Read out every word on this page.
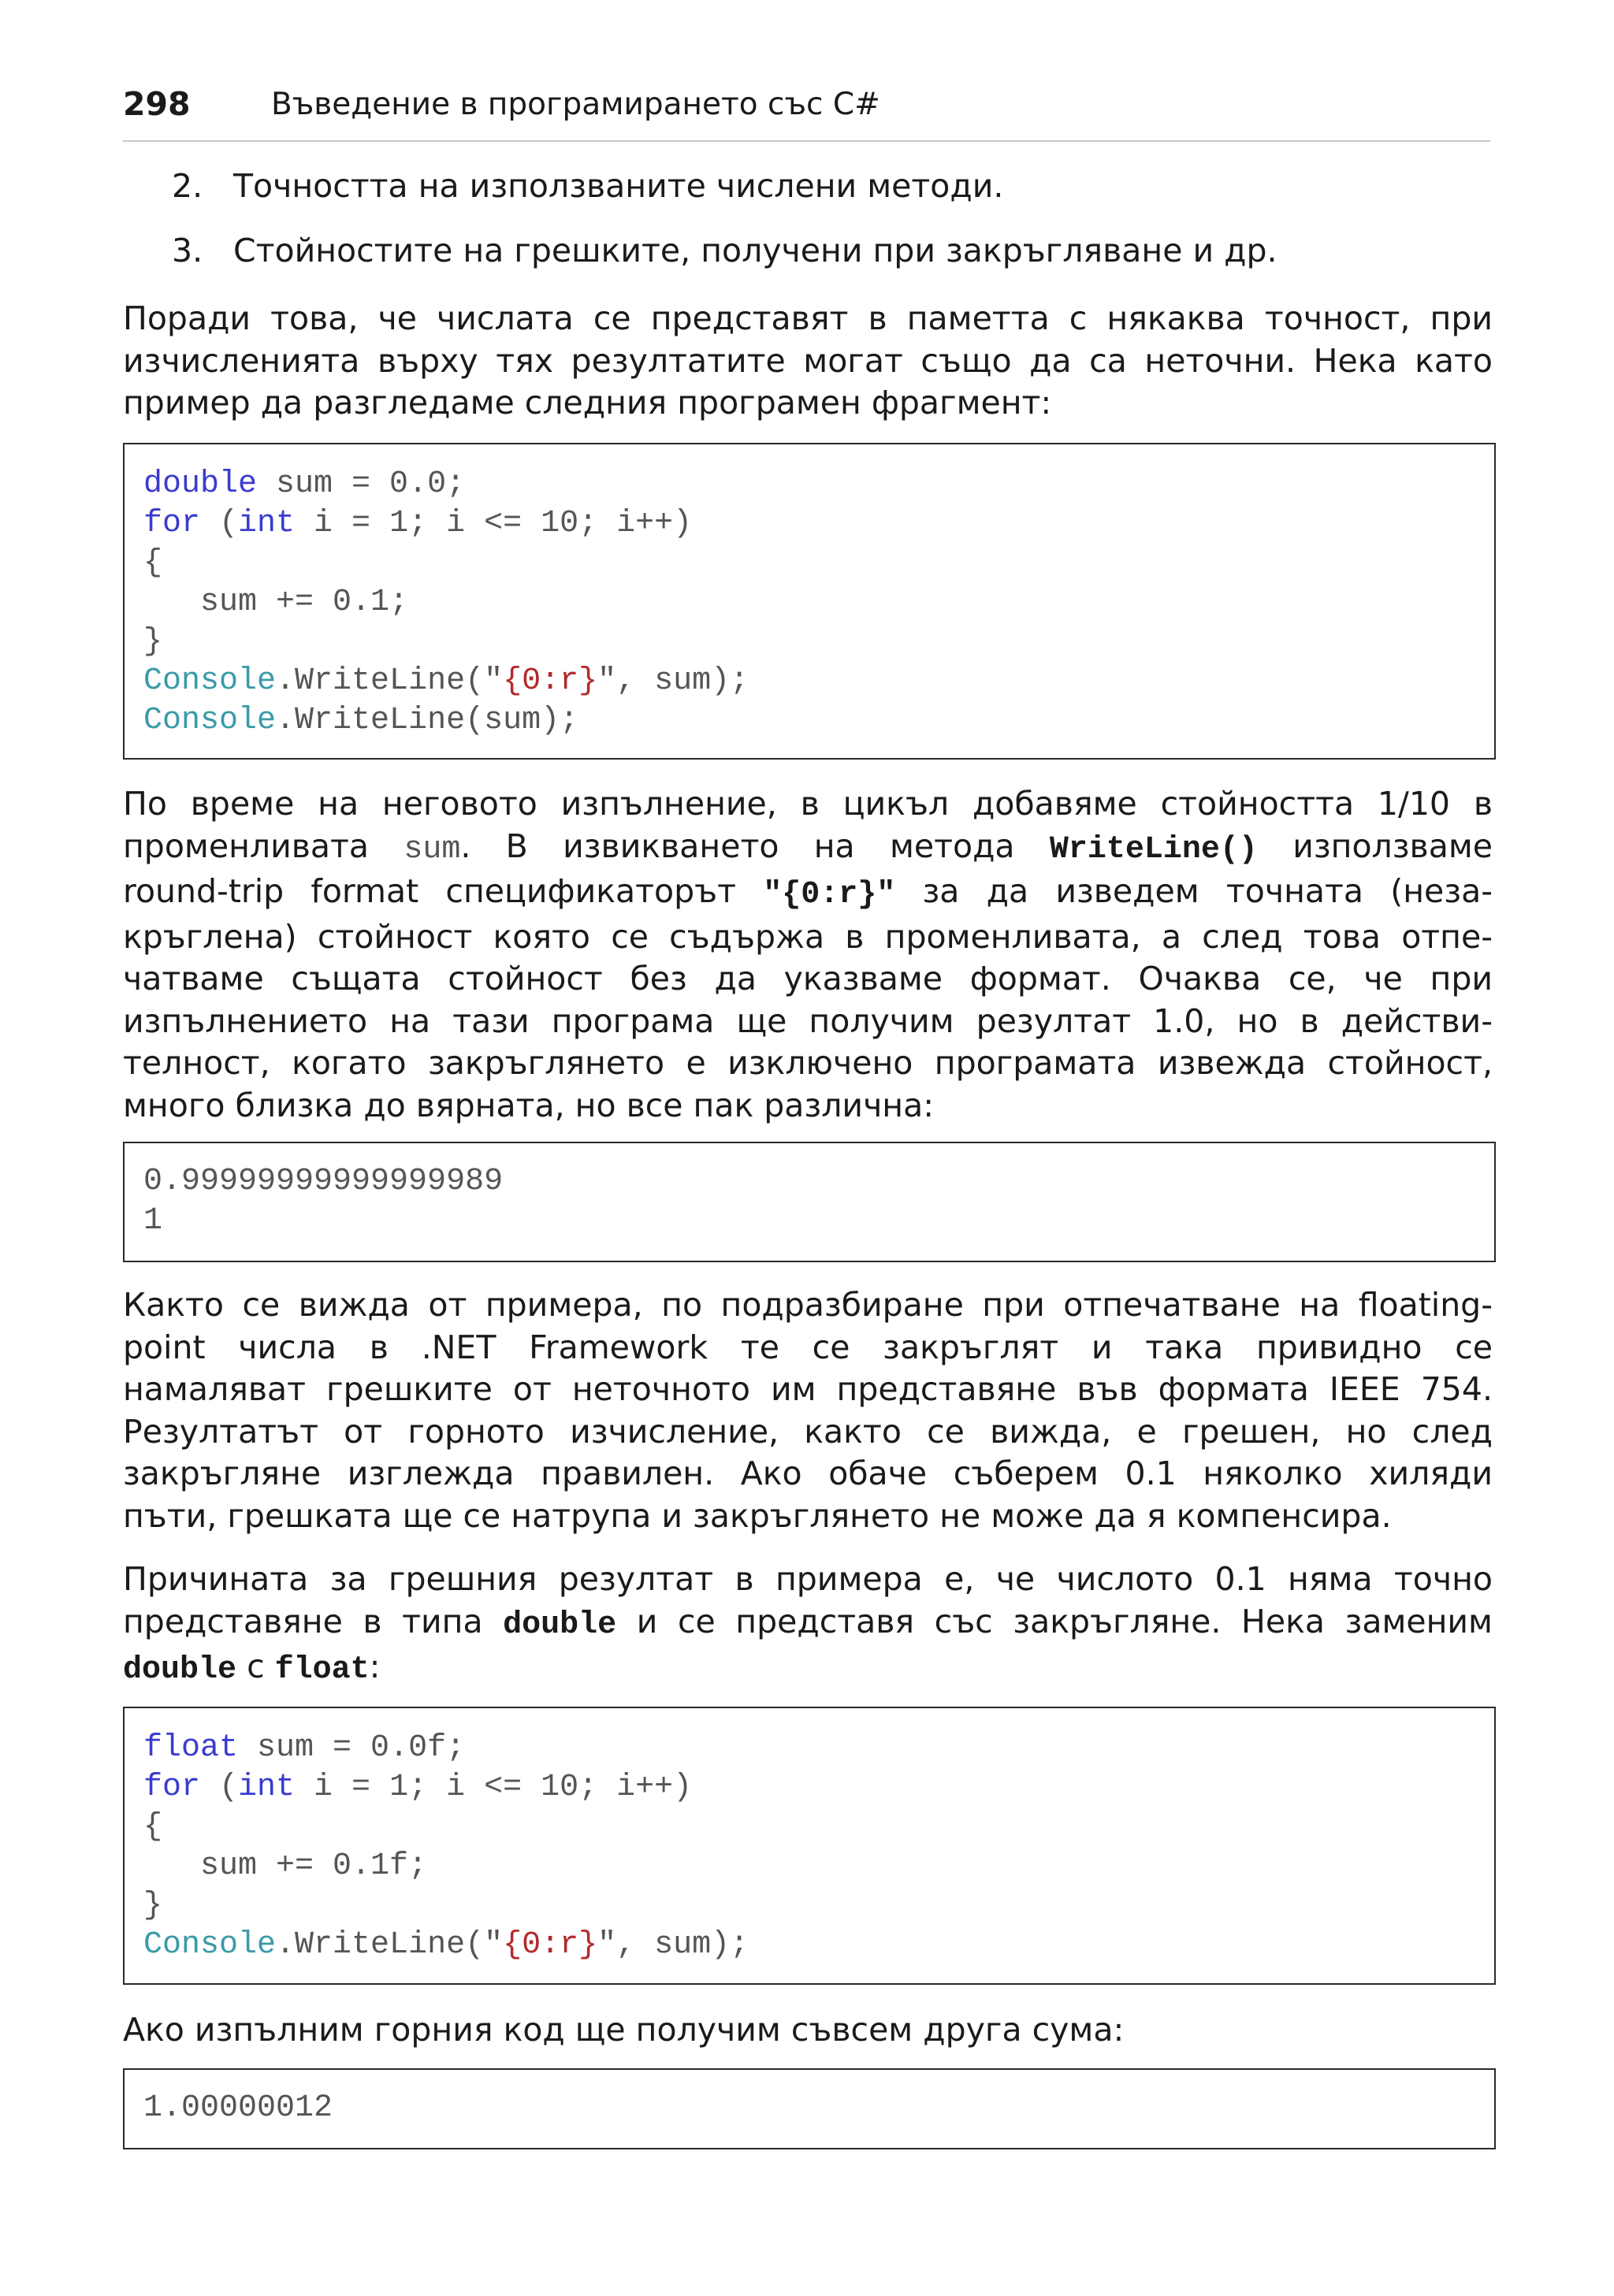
298	Въведение в програмирането със C#
2. Точността на използваните числени методи.
3. Стойностите на грешките, получени при закръгляване и др.
Поради това, че числата се представят в паметта с някаква точност, при
изчисленията върху тях резултатите могат също да са неточни. Нека като
пример да разгледаме следния програмен фрагмент:
double sum = 0.0;
for (int i = 1; i <= 10; i++)
{
sum += 0.1;
}
Console.WriteLine("{0:r}", sum);
Console.WriteLine(sum);
По време на неговото изпълнение, в цикъл добавяме стойността 1/10 в
променливата sum. В извикването на метода WriteLine() използваме
round-trip format спецификаторът "{0:r}" за да изведем точната (неза-
кръглена) стойност която се съдържа в променливата, а след това отпе-
чатваме същата стойност без да указваме формат. Очаква се, че при
изпълнението на тази програма ще получим резултат 1.0, но в действи-
телност, когато закръглянето е изключено програмата извежда стойност,
много близка до вярната, но все пак различна:
0.99999999999999989
1
Както се вижда от примера, по подразбиране при отпечатване на floating-
point числа в .NET Framework те се закръглят и така привидно се
намаляват грешките от неточното им представяне във формата IEEE 754.
Резултатът от горното изчисление, както се вижда, е грешен, но след
закръгляне изглежда правилен. Ако обаче съберем 0.1 няколко хиляди
пъти, грешката ще се натрупа и закръглянето не може да я компенсира.
Причината за грешния резултат в примера е, че числото 0.1 няма точно
представяне в типа double и се представя със закръгляне. Нека заменим
double с float:
float sum = 0.0f;
for (int i = 1; i <= 10; i++)
{
sum += 0.1f;
}
Console.WriteLine("{0:r}", sum);
Ако изпълним горния код ще получим съвсем друга сума:
1.00000012
